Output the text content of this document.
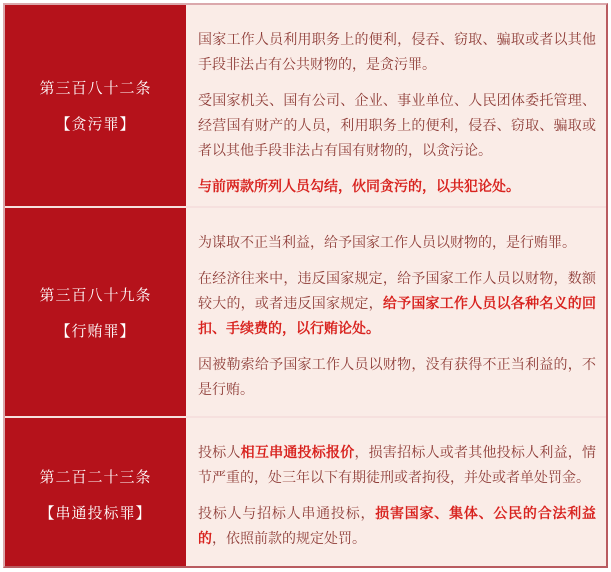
第三百八十二条
【贪污罪】

国家工作人员利用职务上的便利，侵吞、窃取、骗取或者以其他手段非法占有公共财物的，是贪污罪。

受国家机关、国有公司、企业、事业单位、人民团体委托管理、经营国有财产的人员，利用职务上的便利，侵吞、窃取、骗取或者以其他手段非法占有国有财物的，以贪污论。

与前两款所列人员勾结，伙同贪污的，以共犯论处。

第三百八十九条
【行贿罪】

为谋取不正当利益，给予国家工作人员以财物的，是行贿罪。

在经济往来中，违反国家规定，给予国家工作人员以财物，数额较大的，或者违反国家规定，给予国家工作人员以各种名义的回扣、手续费的，以行贿论处。

因被勒索给予国家工作人员以财物，没有获得不正当利益的，不是行贿。

第二百二十三条
【串通投标罪】

投标人相互串通投标报价，损害招标人或者其他投标人利益，情节严重的，处三年以下有期徒刑或者拘役，并处或者单处罚金。

投标人与招标人串通投标，损害国家、集体、公民的合法利益的，依照前款的规定处罚。
